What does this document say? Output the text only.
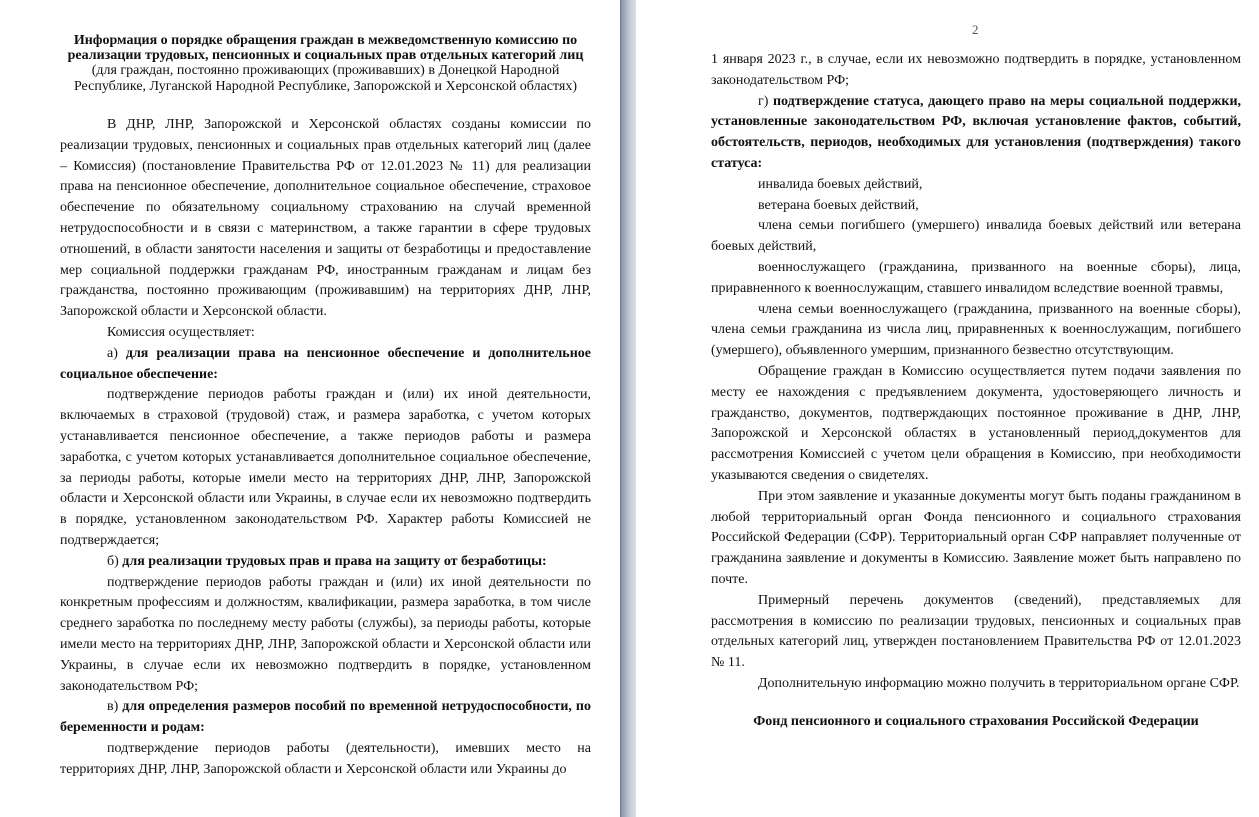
Информация о порядке обращения граждан в межведомственную комиссию по реализации трудовых, пенсионных и социальных прав отдельных категорий лиц

(для граждан, постоянно проживающих (проживавших) в Донецкой Народной Республике, Луганской Народной Республике, Запорожской и Херсонской областях)

В ДНР, ЛНР, Запорожской и Херсонской областях созданы комиссии по реализации трудовых, пенсионных и социальных прав отдельных категорий лиц (далее – Комиссия) (постановление Правительства РФ от 12.01.2023 № 11) для реализации права на пенсионное обеспечение, дополнительное социальное обеспечение, страховое обеспечение по обязательному социальному страхованию на случай временной нетрудоспособности и в связи с материнством, а также гарантии в сфере трудовых отношений, в области занятости населения и защиты от безработицы и предоставление мер социальной поддержки гражданам РФ, иностранным гражданам и лицам без гражданства, постоянно проживающим (проживавшим) на территориях ДНР, ЛНР, Запорожской области и Херсонской области.

Комиссия осуществляет:

а) для реализации права на пенсионное обеспечение и дополнительное социальное обеспечение:

подтверждение периодов работы граждан и (или) их иной деятельности, включаемых в страховой (трудовой) стаж, и размера заработка, с учетом которых устанавливается пенсионное обеспечение, а также периодов работы и размера заработка, с учетом которых устанавливается дополнительное социальное обеспечение, за периоды работы, которые имели место на территориях ДНР, ЛНР, Запорожской области и Херсонской области или Украины, в случае если их невозможно подтвердить в порядке, установленном законодательством РФ. Характер работы Комиссией не подтверждается;

б) для реализации трудовых прав и права на защиту от безработицы:

подтверждение периодов работы граждан и (или) их иной деятельности по конкретным профессиям и должностям, квалификации, размера заработка, в том числе среднего заработка по последнему месту работы (службы), за периоды работы, которые имели место на территориях ДНР, ЛНР, Запорожской области и Херсонской области или Украины, в случае если их невозможно подтвердить в порядке, установленном законодательством РФ;

в) для определения размеров пособий по временной нетрудоспособности, по беременности и родам:

подтверждение периодов работы (деятельности), имевших место на территориях ДНР, ЛНР, Запорожской области и Херсонской области или Украины до

2

1 января 2023 г., в случае, если их невозможно подтвердить в порядке, установленном законодательством РФ;

г) подтверждение статуса, дающего право на меры социальной поддержки, установленные законодательством РФ, включая установление фактов, событий, обстоятельств, периодов, необходимых для установления (подтверждения) такого статуса:

инвалида боевых действий,

ветерана боевых действий,

члена семьи погибшего (умершего) инвалида боевых действий или ветерана боевых действий,

военнослужащего (гражданина, призванного на военные сборы), лица, приравненного к военнослужащим, ставшего инвалидом вследствие военной травмы,

члена семьи военнослужащего (гражданина, призванного на военные сборы), члена семьи гражданина из числа лиц, приравненных к военнослужащим, погибшего (умершего), объявленного умершим, признанного безвестно отсутствующим.

Обращение граждан в Комиссию осуществляется путем подачи заявления по месту ее нахождения с предъявлением документа, удостоверяющего личность и гражданство, документов, подтверждающих постоянное проживание в ДНР, ЛНР, Запорожской и Херсонской областях в установленный период,документов для рассмотрения Комиссией с учетом цели обращения в Комиссию, при необходимости указываются сведения о свидетелях.

При этом заявление и указанные документы могут быть поданы гражданином в любой территориальный орган Фонда пенсионного и социального страхования Российской Федерации (СФР). Территориальный орган СФР направляет полученные от гражданина заявление и документы в Комиссию. Заявление может быть направлено по почте.

Примерный перечень документов (сведений), представляемых для рассмотрения в комиссию по реализации трудовых, пенсионных и социальных прав отдельных категорий лиц, утвержден постановлением Правительства РФ от 12.01.2023 № 11.

Дополнительную информацию можно получить в территориальном органе СФР.

Фонд пенсионного и социального страхования Российской Федерации
